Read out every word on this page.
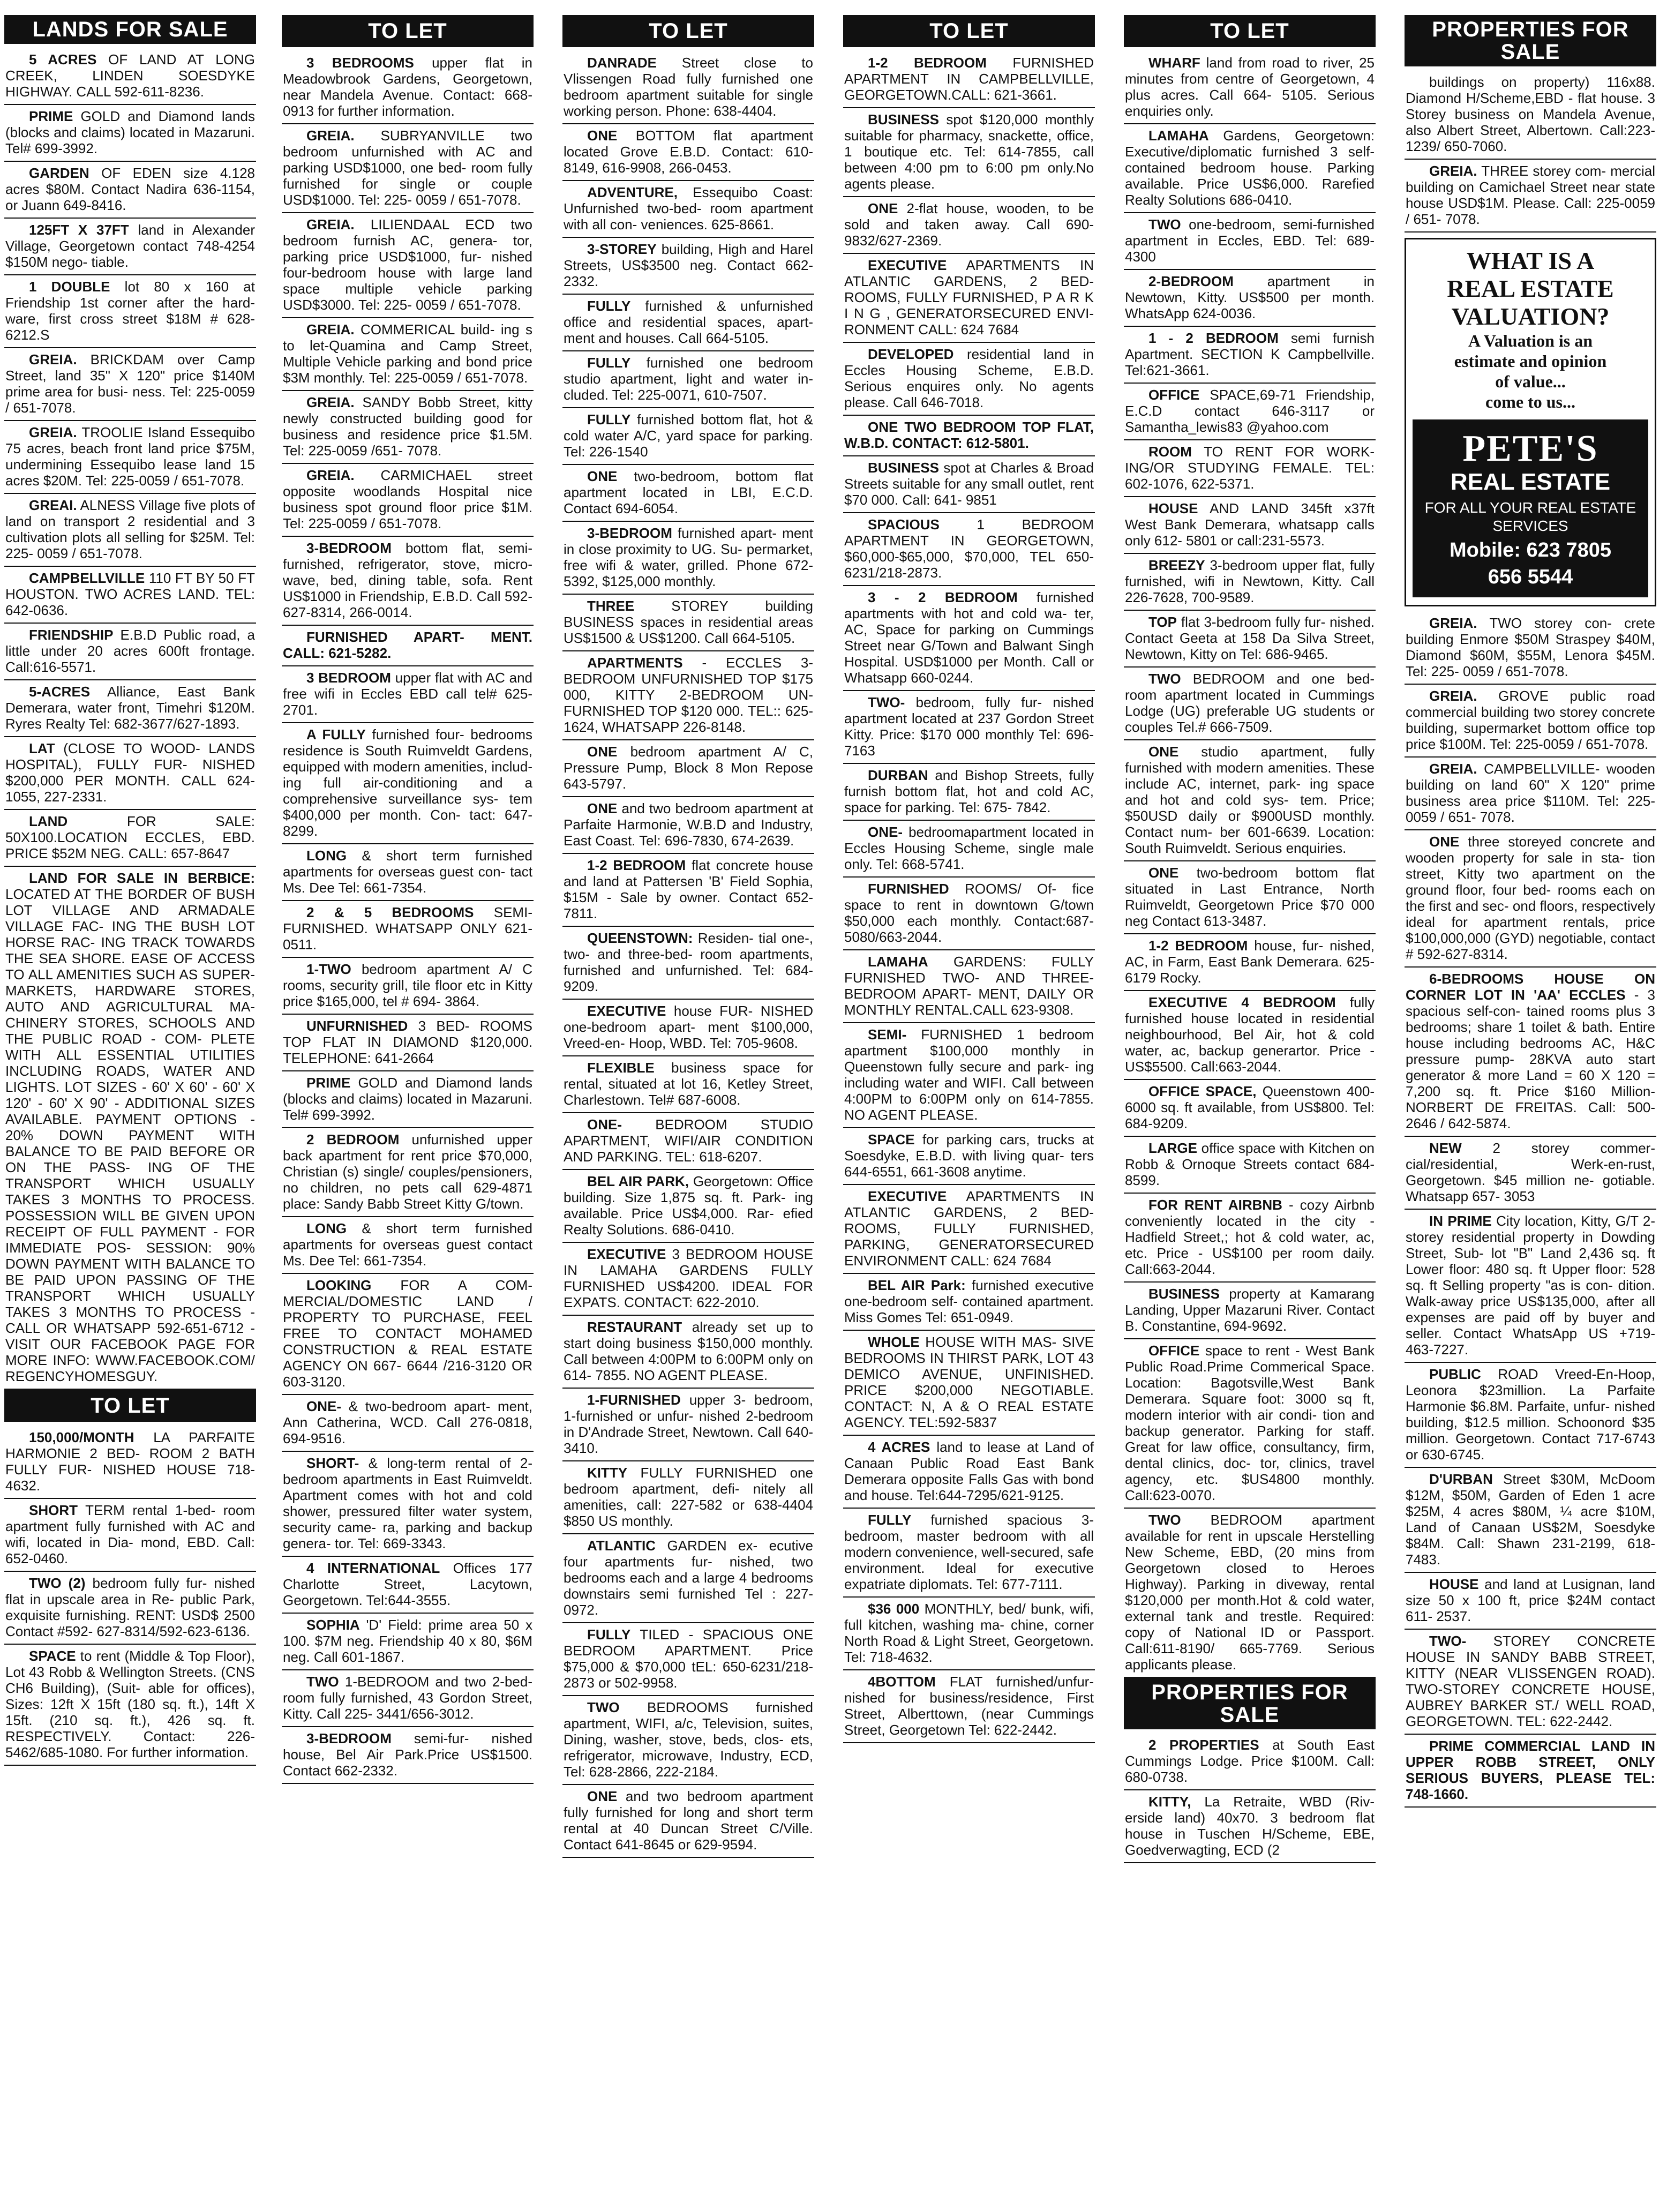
LANDS FOR SALE
5 ACRES OF LAND AT LONG CREEK, LINDEN SOESDYKE HIGHWAY. CALL 592-611-8236.
PRIME GOLD and Diamond lands (blocks and claims) located in Mazaruni. Tel# 699-3992.
GARDEN OF EDEN size 4.128 acres $80M. Contact Nadira 636-1154, or Juann 649-8416.
125FT X 37FT land in Alexander Village, Georgetown contact 748-4254 $150M nego- tiable.
1 DOUBLE lot 80 x 160 at Friendship 1st corner after the hard- ware, first cross street $18M # 628- 6212.S
GREIA. BRICKDAM over Camp Street, land 35" X 120" price $140M prime area for busi- ness. Tel: 225-0059 / 651-7078.
GREIA. TROOLIE Island Essequibo 75 acres, beach front land price $75M, undermining Essequibo lease land 15 acres $20M. Tel: 225-0059 / 651-7078.
GREAI. ALNESS Village five plots of land on transport 2 residential and 3 cultivation plots all selling for $25M. Tel: 225- 0059 / 651-7078.
CAMPBELLVILLE 110 FT BY 50 FT HOUSTON. TWO ACRES LAND. TEL: 642-0636.
FRIENDSHIP E.B.D Public road, a little under 20 acres 600ft frontage. Call:616-5571.
5-ACRES Alliance, East Bank Demerara, water front, Timehri $120M. Ryres Realty Tel: 682-3677/627-1893.
LAT (CLOSE TO WOOD- LANDS HOSPITAL), FULLY FUR- NISHED $200,000 PER MONTH. CALL 624-1055, 227-2331.
LAND	FOR SALE: 50X100.LOCATION ECCLES, EBD. PRICE $52M NEG. CALL: 657-8647
LAND FOR SALE IN BERBICE: LOCATED AT THE BORDER OF BUSH LOT VILLAGE AND ARMADALE VILLAGE FAC- ING THE BUSH LOT HORSE RAC- ING TRACK TOWARDS THE SEA SHORE. EASE OF ACCESS TO ALL AMENITIES SUCH AS SUPER- MARKETS, HARDWARE STORES, AUTO AND AGRICULTURAL MA- CHINERY STORES, SCHOOLS AND THE PUBLIC ROAD - COM- PLETE WITH ALL ESSENTIAL UTILITIES INCLUDING ROADS, WATER AND LIGHTS. LOT SIZES - 60' X 60' - 60' X 120' - 60' X 90' - ADDITIONAL SIZES AVAILABLE. PAYMENT OPTIONS - 20% DOWN PAYMENT WITH BALANCE TO BE PAID BEFORE OR ON THE PASS- ING OF THE TRANSPORT WHICH USUALLY TAKES 3 MONTHS TO PROCESS. POSSESSION WILL BE GIVEN UPON RECEIPT OF FULL PAYMENT - FOR IMMEDIATE POS- SESSION: 90% DOWN PAYMENT WITH BALANCE TO BE PAID UPON PASSING OF THE TRANSPORT WHICH USUALLY TAKES 3 MONTHS TO PROCESS - CALL OR WHATSAPP 592-651-6712 - VISIT OUR FACEBOOK PAGE FOR MORE INFO: WWW.FACEBOOK.COM/ REGENCYHOMESGUY.
TO LET
150,000/MONTH LA PARFAITE HARMONIE 2 BED- ROOM 2 BATH FULLY FUR- NISHED HOUSE 718-4632.
SHORT TERM rental 1-bed- room apartment fully furnished with AC and wifi, located in Dia- mond, EBD. Call: 652-0460.
TWO (2) bedroom fully fur- nished flat in upscale area in Re- public Park, exquisite furnishing. RENT: USD$ 2500 Contact #592- 627-8314/592-623-6136.
SPACE to rent (Middle & Top Floor), Lot 43 Robb & Wellington Streets. (CNS CH6 Building), (Suit- able for offices), Sizes: 12ft X 15ft (180 sq. ft.), 14ft X 15ft. (210 sq. ft.), 426 sq. ft. RESPECTIVELY. Contact: 226-5462/685-1080. For further information.
TO LET
3 BEDROOMS upper flat in Meadowbrook Gardens, Georgetown, near Mandela Avenue. Contact: 668-0913 for further information.
GREIA. SUBRYANVILLE two bedroom unfurnished with AC and parking USD$1000, one bed- room fully furnished for single or couple USD$1000. Tel: 225- 0059 / 651-7078.
GREIA. LILIENDAAL ECD two bedroom furnish AC, genera- tor, parking price USD$1000, fur- nished four-bedroom house with large land space multiple vehicle parking USD$3000. Tel: 225- 0059 / 651-7078.
GREIA. COMMERICAL build- ing s to let-Quamina and Camp Street, Multiple Vehicle parking and bond price $3M monthly. Tel: 225-0059 / 651-7078.
GREIA. SANDY Bobb Street, kitty newly constructed building good for business and residence price $1.5M. Tel: 225-0059 /651- 7078.
GREIA. CARMICHAEL street opposite woodlands Hospital nice business spot ground floor price $1M. Tel: 225-0059 / 651-7078.
3-BEDROOM bottom flat, semi- furnished, refrigerator, stove, micro- wave, bed, dining table, sofa. Rent US$1000 in Friendship, E.B.D. Call 592-627-8314, 266-0014.
FURNISHED APART- MENT. CALL: 621-5282.
3 BEDROOM upper flat with AC and free wifi in Eccles EBD call tel# 625-2701.
A FULLY furnished four- bedrooms residence is South Ruimveldt Gardens, equipped with modern amenities, includ- ing full air-conditioning and a comprehensive surveillance sys- tem $400,000 per month. Con- tact: 647-8299.
LONG & short term furnished apartments for overseas guest con- tact Ms. Dee Tel: 661-7354.
2 & 5 BEDROOMS SEMI- FURNISHED. WHATSAPP ONLY 621-0511.
1-TWO bedroom apartment A/ C rooms, security grill, tile floor etc in Kitty price $165,000, tel # 694- 3864.
UNFURNISHED 3 BED- ROOMS TOP FLAT IN DIAMOND $120,000. TELEPHONE: 641-2664
PRIME GOLD and Diamond lands (blocks and claims) located in Mazaruni. Tel# 699-3992.
2 BEDROOM unfurnished upper back apartment for rent price $70,000, Christian (s) single/ couples/pensioners, no children, no pets call 629-4871 place: Sandy Babb Street Kitty G/town.
LONG & short term furnished apartments for overseas guest contact Ms. Dee Tel: 661-7354.
LOOKING FOR A COM- MERCIAL/DOMESTIC LAND / PROPERTY TO PURCHASE, FEEL FREE TO CONTACT MOHAMED CONSTRUCTION & REAL ESTATE AGENCY ON 667- 6644 /216-3120 OR 603-3120.
ONE- & two-bedroom apart- ment, Ann Catherina, WCD. Call 276-0818, 694-9516.
SHORT- & long-term rental of 2-bedroom apartments in East Ruimveldt. Apartment comes with hot and cold shower, pressured filter water system, security came- ra, parking and backup genera- tor. Tel: 669-3343.
4 INTERNATIONAL Offices 177 Charlotte Street, Lacytown, Georgetown. Tel:644-3555.
SOPHIA 'D' Field: prime area 50 x 100. $7M neg. Friendship 40 x 80, $6M neg. Call 601-1867.
TWO 1-BEDROOM and two 2-bed- room fully furnished, 43 Gordon Street, Kitty. Call 225- 3441/656-3012.
3-BEDROOM semi-fur- nished house, Bel Air Park.Price US$1500. Contact 662-2332.
TO LET
DANRADE Street close to Vlissengen Road fully furnished one bedroom apartment suitable for single working person. Phone: 638-4404.
ONE BOTTOM flat apartment located Grove E.B.D. Contact: 610- 8149, 616-9908, 266-0453.
ADVENTURE, Essequibo Coast: Unfurnished two-bed- room apartment with all con- veniences. 625-8661.
3-STOREY building, High and Harel Streets, US$3500 neg. Contact 662-2332.
FULLY furnished & unfurnished office and residential spaces, apart- ment and houses. Call 664-5105.
FULLY furnished one bedroom studio apartment, light and water in- cluded. Tel: 225-0071, 610-7507.
FULLY furnished bottom flat, hot & cold water A/C, yard space for parking. Tel: 226-1540
ONE two-bedroom, bottom flat apartment located in LBI, E.C.D. Contact 694-6054.
3-BEDROOM furnished apart- ment in close proximity to UG. Su- permarket, free wifi & water, grilled. Phone 672-5392, $125,000 monthly.
THREE	STOREY building BUSINESS spaces in residential areas US$1500 & US$1200. Call 664-5105.
APARTMENTS - ECCLES 3- BEDROOM UNFURNISHED TOP $175 000, KITTY 2-BEDROOM UN- FURNISHED TOP $120 000. TEL:: 625-1624, WHATSAPP 226-8148.
ONE bedroom apartment A/ C, Pressure Pump, Block 8 Mon Repose 643-5797.
ONE and two bedroom apartment at Parfaite Harmonie, W.B.D and Industry, East Coast. Tel: 696-7830, 674-2639.
1-2 BEDROOM flat concrete house and land at Pattersen 'B' Field Sophia, $15M - Sale by owner. Contact 652-7811.
QUEENSTOWN: Residen- tial one-, two- and three-bed- room apartments, furnished and unfurnished. Tel: 684-9209.
EXECUTIVE house FUR- NISHED one-bedroom apart- ment $100,000, Vreed-en- Hoop, WBD. Tel: 705-9608.
FLEXIBLE business space for rental, situated at lot 16, Ketley Street, Charlestown. Tel# 687-6008.
ONE- BEDROOM STUDIO APARTMENT, WIFI/AIR CONDITION AND PARKING. TEL: 618-6207.
BEL AIR PARK, Georgetown: Office building. Size 1,875 sq. ft. Park- ing available. Price US$4,000. Rar- efied Realty Solutions. 686-0410.
EXECUTIVE 3 BEDROOM HOUSE IN LAMAHA GARDENS FULLY FURNISHED US$4200. IDEAL FOR EXPATS. CONTACT: 622-2010.
RESTAURANT already set up to start doing business $150,000 monthly. Call between 4:00PM to 6:00PM only on 614- 7855. NO AGENT PLEASE.
1-FURNISHED upper 3- bedroom, 1-furnished or unfur- nished 2-bedroom in D'Andrade Street, Newtown. Call 640-3410.
KITTY FULLY FURNISHED one bedroom apartment, defi- nitely all amenities, call: 227-582 or 638-4404 $850 US monthly.
ATLANTIC GARDEN ex- ecutive four apartments fur- nished, two bedrooms each and a large 4 bedrooms downstairs semi furnished Tel : 227-0972.
FULLY TILED - SPACIOUS ONE BEDROOM APARTMENT. Price $75,000 & $70,000 tEL: 650-6231/218-2873 or 502-9958.
TWO BEDROOMS furnished apartment, WIFI, a/c, Television, suites, Dining, washer, stove, beds, clos- ets, refrigerator, microwave, Industry, ECD, Tel: 628-2866, 222-2184.
ONE and two bedroom apartment fully furnished for long and short term rental at 40 Duncan Street C/Ville. Contact 641-8645 or 629-9594.
TO LET
1-2 BEDROOM FURNISHED APARTMENT IN CAMPBELLVILLE, GEORGETOWN.CALL: 621-3661.
BUSINESS spot $120,000 monthly suitable for pharmacy, snackette, office, 1 boutique etc. Tel: 614-7855, call between 4:00 pm to 6:00 pm only.No agents please.
ONE 2-flat house, wooden, to be sold and taken away. Call 690-9832/627-2369.
EXECUTIVE APARTMENTS IN ATLANTIC GARDENS, 2 BED- ROOMS, FULLY FURNISHED, P A R K I N G , GENERATORSECURED ENVI- RONMENT CALL: 624 7684
DEVELOPED residential land in Eccles Housing Scheme, E.B.D. Serious enquires only. No agents please. Call 646-7018.
ONE TWO BEDROOM TOP FLAT, W.B.D. CONTACT: 612-5801.
BUSINESS spot at Charles & Broad Streets suitable for any small outlet, rent $70 000. Call: 641- 9851
SPACIOUS	1 BEDROOM APARTMENT IN GEORGETOWN, $60,000-$65,000, $70,000, TEL 650-6231/218-2873.
3 - 2 BEDROOM furnished apartments with hot and cold wa- ter, AC, Space for parking on Cummings Street near G/Town and Balwant Singh Hospital. USD$1000 per Month. Call or Whatsapp 660-0244.
TWO- bedroom, fully fur- nished apartment located at 237 Gordon Street Kitty. Price: $170 000 monthly Tel: 696- 7163
DURBAN and Bishop Streets, fully furnish bottom flat, hot and cold AC, space for parking. Tel: 675- 7842.
ONE- bedroomapartment located in Eccles Housing Scheme, single male only. Tel: 668-5741.
FURNISHED ROOMS/ Of- fice space to rent in downtown G/town $50,000 each monthly. Contact:687-5080/663-2044.
LAMAHA GARDENS: FULLY FURNISHED TWO- AND THREE-BEDROOM APART- MENT, DAILY OR MONTHLY RENTAL.CALL 623-9308.
SEMI- FURNISHED 1 bedroom apartment $100,000 monthly in Queenstown fully secure and park- ing including water and WIFI. Call between 4:00PM to 6:00PM only on 614-7855. NO AGENT PLEASE.
SPACE for parking cars, trucks at Soesdyke, E.B.D. with living quar- ters 644-6551, 661-3608 anytime.
EXECUTIVE APARTMENTS IN ATLANTIC GARDENS, 2 BED- ROOMS, FULLY FURNISHED, PARKING, GENERATORSECURED ENVIRONMENT CALL: 624 7684
BEL AIR Park: furnished executive one-bedroom self- contained apartment. Miss Gomes Tel: 651-0949.
WHOLE HOUSE WITH MAS- SIVE BEDROOMS IN THIRST PARK, LOT 43 DEMICO AVENUE, UNFINISHED. PRICE $200,000 NEGOTIABLE. CONTACT: N, A & O REAL ESTATE AGENCY. TEL:592-5837
4 ACRES land to lease at Land of Canaan Public Road East Bank Demerara opposite Falls Gas with bond and house. Tel:644-7295/621-9125.
FULLY furnished spacious 3-bedroom, master bedroom with all modern convenience, well-secured, safe environment. Ideal for executive expatriate diplomats. Tel: 677-7111.
$36 000 MONTHLY, bed/ bunk, wifi, full kitchen, washing ma- chine, corner North Road & Light Street, Georgetown. Tel: 718-4632.
4BOTTOM FLAT furnished/unfur- nished for business/residence, First Street, Alberttown, (near Cummings Street, Georgetown Tel: 622-2442.
TO LET
WHARF land from road to river, 25 minutes from centre of Georgetown, 4 plus acres. Call 664- 5105. Serious enquiries only.
LAMAHA Gardens, Georgetown: Executive/diplomatic furnished 3 self- contained bedroom house. Parking available. Price US$6,000. Rarefied Realty Solutions 686-0410.
TWO one-bedroom, semi-furnished apartment in Eccles, EBD. Tel: 689-4300
2-BEDROOM apartment in Newtown, Kitty. US$500 per month. WhatsApp 624-0036.
1 - 2 BEDROOM semi furnish Apartment. SECTION K Campbellville. Tel:621-3661.
OFFICE SPACE,69-71 Friendship, E.C.D contact 646-3117 or Samantha_lewis83 @yahoo.com
ROOM TO RENT FOR WORK- ING/OR STUDYING FEMALE. TEL: 602-1076, 622-5371.
HOUSE AND LAND 345ft x37ft West Bank Demerara, whatsapp calls only 612- 5801 or call:231-5573.
BREEZY 3-bedroom upper flat, fully furnished, wifi in Newtown, Kitty. Call 226-7628, 700-9589.
TOP flat 3-bedroom fully fur- nished. Contact Geeta at 158 Da Silva Street, Newtown, Kitty on Tel: 686-9465.
TWO BEDROOM and one bed- room apartment located in Cummings Lodge (UG) preferable UG students or couples Tel.# 666-7509.
ONE studio apartment, fully furnished with modern amenities. These include AC, internet, park- ing space and hot and cold sys- tem. Price; $50USD daily or $900USD monthly. Contact num- ber 601-6639. Location: South Ruimveldt. Serious enquiries.
ONE two-bedroom bottom flat situated in Last Entrance, North Ruimveldt, Georgetown Price $70 000 neg Contact 613-3487.
1-2 BEDROOM house, fur- nished, AC, in Farm, East Bank Demerara. 625-6179 Rocky.
EXECUTIVE 4 BEDROOM fully furnished house located in residential neighbourhood, Bel Air, hot & cold water, ac, backup generartor. Price - US$5500. Call:663-2044.
OFFICE SPACE, Queenstown 400-6000 sq. ft available, from US$800. Tel: 684-9209.
LARGE office space with Kitchen on Robb & Ornoque Streets contact 684-8599.
FOR RENT AIRBNB - cozy Airbnb conveniently located in the city - Hadfield Street,; hot & cold water, ac, etc. Price - US$100 per room daily. Call:663-2044.
BUSINESS property at Kamarang Landing, Upper Mazaruni River. Contact B. Constantine, 694-9692.
OFFICE space to rent - West Bank Public Road.Prime Commerical Space. Location: Bagotsville,West Bank Demerara. Square foot: 3000 sq ft, modern interior with air condi- tion and backup generator. Parking for staff. Great for law office, consultancy, firm, dental clinics, doc- tor, clinics, travel agency, etc. $US4800 monthly. Call:623-0070.
TWO BEDROOM apartment available for rent in upscale Herstelling New Scheme, EBD, (20 mins from Georgetown closed to Heroes Highway). Parking in diveway, rental $120,000 per month.Hot & cold water, external tank and trestle. Required: copy of National ID or Passport. Call:611-8190/ 665-7769. Serious applicants please.
PROPERTIES FOR SALE
2 PROPERTIES at South East Cummings Lodge. Price $100M. Call: 680-0738.
KITTY, La Retraite, WBD (Riv- erside land) 40x70. 3 bedroom flat house in Tuschen H/Scheme, EBE, Goedverwagting, ECD (2
PROPERTIES FOR SALE
buildings on property) 116x88. Diamond H/Scheme,EBD - flat house. 3 Storey business on Mandela Avenue, also Albert Street, Albertown. Call:223-1239/ 650-7060.
GREIA. THREE storey com- mercial building on Camichael Street near state house USD$1M. Please. Call: 225-0059 / 651- 7078.
WHAT IS A
REAL ESTATE
VALUATION?
A Valuation is an
estimate and opinion
of value...
come to us...
PETE'S
REAL ESTATE
FOR ALL YOUR REAL ESTATE SERVICES
Mobile: 623 7805
656 5544
GREIA. TWO storey con- crete building Enmore $50M Straspey $40M, Diamond $60M, $55M, Lenora $45M. Tel: 225- 0059 / 651-7078.
GREIA. GROVE public road commercial building two storey concrete building, supermarket bottom office top price $100M. Tel: 225-0059 / 651-7078.
GREIA. CAMPBELLVILLE- wooden building on land 60" X 120" prime business area price $110M. Tel: 225-0059 / 651- 7078.
ONE three storeyed concrete and wooden property for sale in sta- tion street, Kitty two apartment on the ground floor, four bed- rooms each on the first and sec- ond floors, respectively ideal for apartment rentals, price $100,000,000 (GYD) negotiable, contact # 592-627-8314.
6-BEDROOMS HOUSE ON CORNER LOT IN 'AA' ECCLES - 3 spacious self-con- tained rooms plus 3 bedrooms; share 1 toilet & bath. Entire house including bedrooms AC, H&C pressure pump- 28KVA auto start generator & more Land = 60 X 120 = 7,200 sq. ft. Price $160 Million- NORBERT DE FREITAS. Call: 500-2646 / 642-5874.
NEW 2 storey commer- cial/residential, Werk-en-rust, Georgetown. $45 million ne- gotiable. Whatsapp 657- 3053
IN PRIME City location, Kitty, G/T 2-storey residential property in Dowding Street, Sub- lot "B" Land 2,436 sq. ft Lower floor: 480 sq. ft Upper floor: 528 sq. ft Selling property "as is con- dition. Walk-away price US$135,000, after all expenses are paid off by buyer and seller. Contact WhatsApp US +719- 463-7227.
PUBLIC ROAD Vreed-En-Hoop, Leonora $23million. La Parfaite Harmonie $6.8M. Parfaite, unfur- nished building, $12.5 million. Schoonord $35 million. Georgetown. Contact 717-6743 or 630-6745.
D'URBAN Street $30M, McDoom $12M, $50M, Garden of Eden 1 acre $25M, 4 acres $80M, ¼ acre $10M, Land of Canaan US$2M, Soesdyke $84M. Call: Shawn 231-2199, 618-7483.
HOUSE and land at Lusignan, land size 50 x 100 ft, price $24M contact 611- 2537.
TWO- STOREY CONCRETE HOUSE IN SANDY BABB STREET, KITTY (NEAR VLISSENGEN ROAD). TWO-STOREY CONCRETE HOUSE, AUBREY BARKER ST./ WELL ROAD, GEORGETOWN. TEL: 622-2442.
PRIME COMMERCIAL LAND IN UPPER ROBB STREET, ONLY SERIOUS BUYERS, PLEASE TEL: 748-1660.
